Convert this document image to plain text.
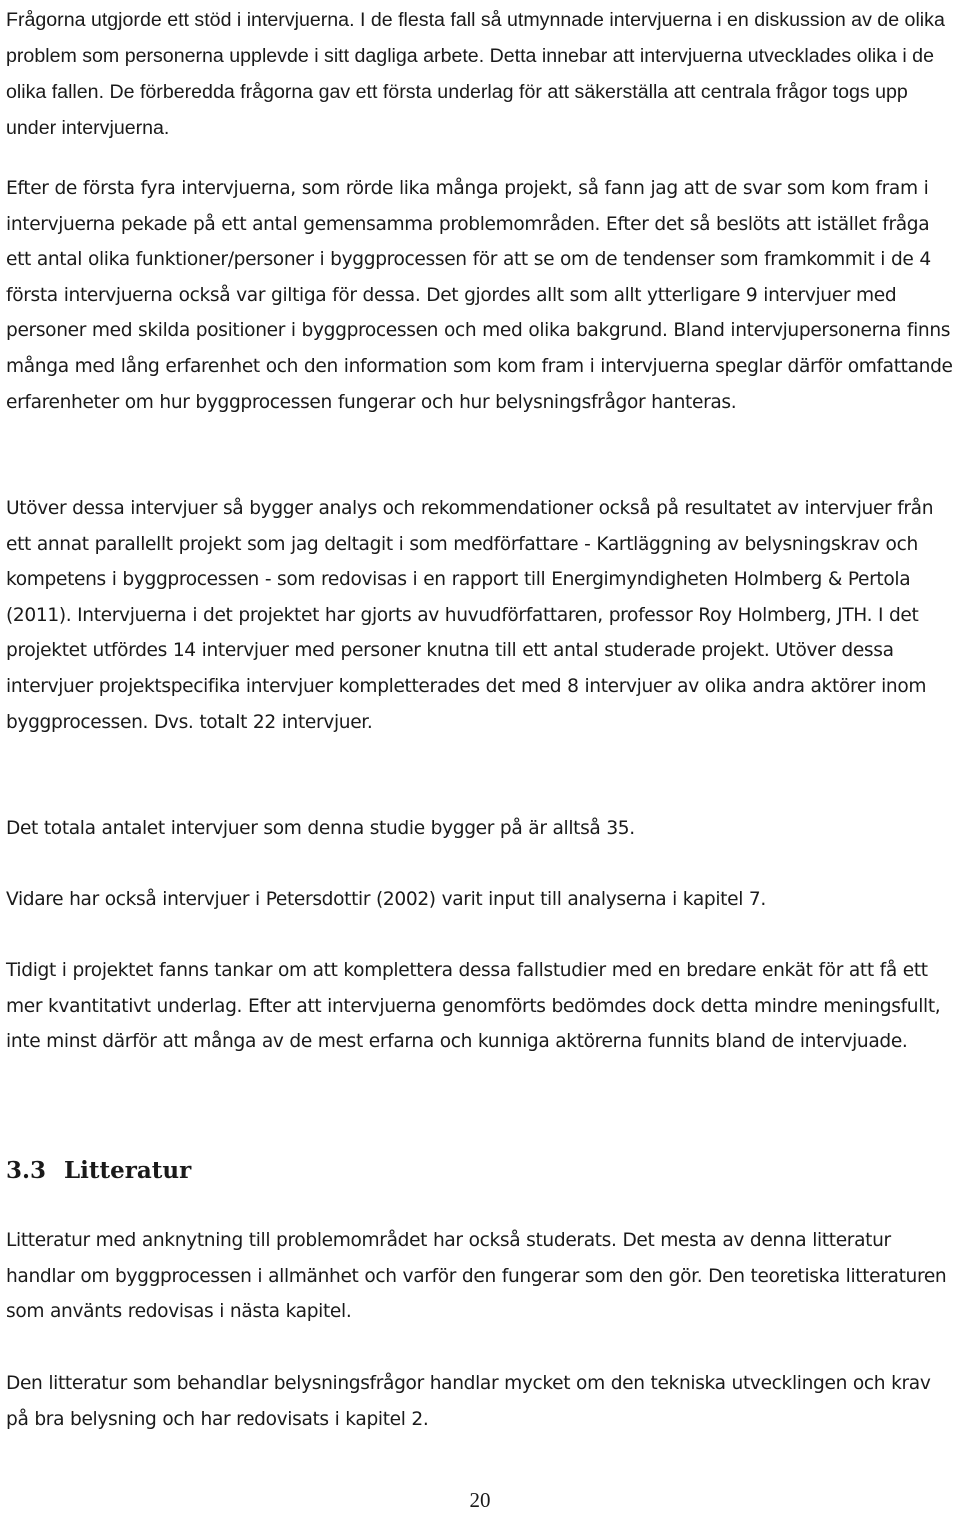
Frågorna utgjorde ett stöd i intervjuerna. I de flesta fall så utmynnade intervjuerna i en diskussion av de olika problem som personerna upplevde i sitt dagliga arbete. Detta innebar att intervjuerna utvecklades olika i de olika fallen. De förberedda frågorna gav ett första underlag för att säkerställa att centrala frågor togs upp under intervjuerna.

Efter de första fyra intervjuerna, som rörde lika många projekt, så fann jag att de svar som kom fram i intervjuerna pekade på ett antal gemensamma problemområden. Efter det så beslöts att istället fråga ett antal olika funktioner/personer i byggprocessen för att se om de tendenser som framkommit i de 4 första intervjuerna också var giltiga för dessa. Det gjordes allt som allt ytterligare 9 intervjuer med personer med skilda positioner i byggprocessen och med olika bakgrund. Bland intervjupersonerna finns många med lång erfarenhet och den information som kom fram i intervjuerna speglar därför omfattande erfarenheter om hur byggprocessen fungerar och hur belysningsfrågor hanteras.

Utöver dessa intervjuer så bygger analys och rekommendationer också på resultatet av intervjuer från ett annat parallellt projekt som jag deltagit i som medförfattare - Kartläggning av belysningskrav och kompetens i byggprocessen - som redovisas i en rapport till Energimyndigheten Holmberg & Pertola (2011). Intervjuerna i det projektet har gjorts av huvudförfattaren, professor Roy Holmberg, JTH. I det projektet utfördes 14 intervjuer med personer knutna till ett antal studerade projekt. Utöver dessa intervjuer projektspecifika intervjuer kompletterades det med 8 intervjuer av olika andra aktörer inom byggprocessen. Dvs. totalt 22 intervjuer.

Det totala antalet intervjuer som denna studie bygger på är alltså 35.

Vidare har också intervjuer i Petersdottir (2002) varit input till analyserna i kapitel 7.

Tidigt i projektet fanns tankar om att komplettera dessa fallstudier med en bredare enkät för att få ett mer kvantitativt underlag. Efter att intervjuerna genomförts bedömdes dock detta mindre meningsfullt, inte minst därför att många av de mest erfarna och kunniga aktörerna funnits bland de intervjuade.

3.3 Litteratur

Litteratur med anknytning till problemområdet har också studerats. Det mesta av denna litteratur handlar om byggprocessen i allmänhet och varför den fungerar som den gör. Den teoretiska litteraturen som använts redovisas i nästa kapitel.

Den litteratur som behandlar belysningsfrågor handlar mycket om den tekniska utvecklingen och krav på bra belysning och har redovisats i kapitel 2.

20
